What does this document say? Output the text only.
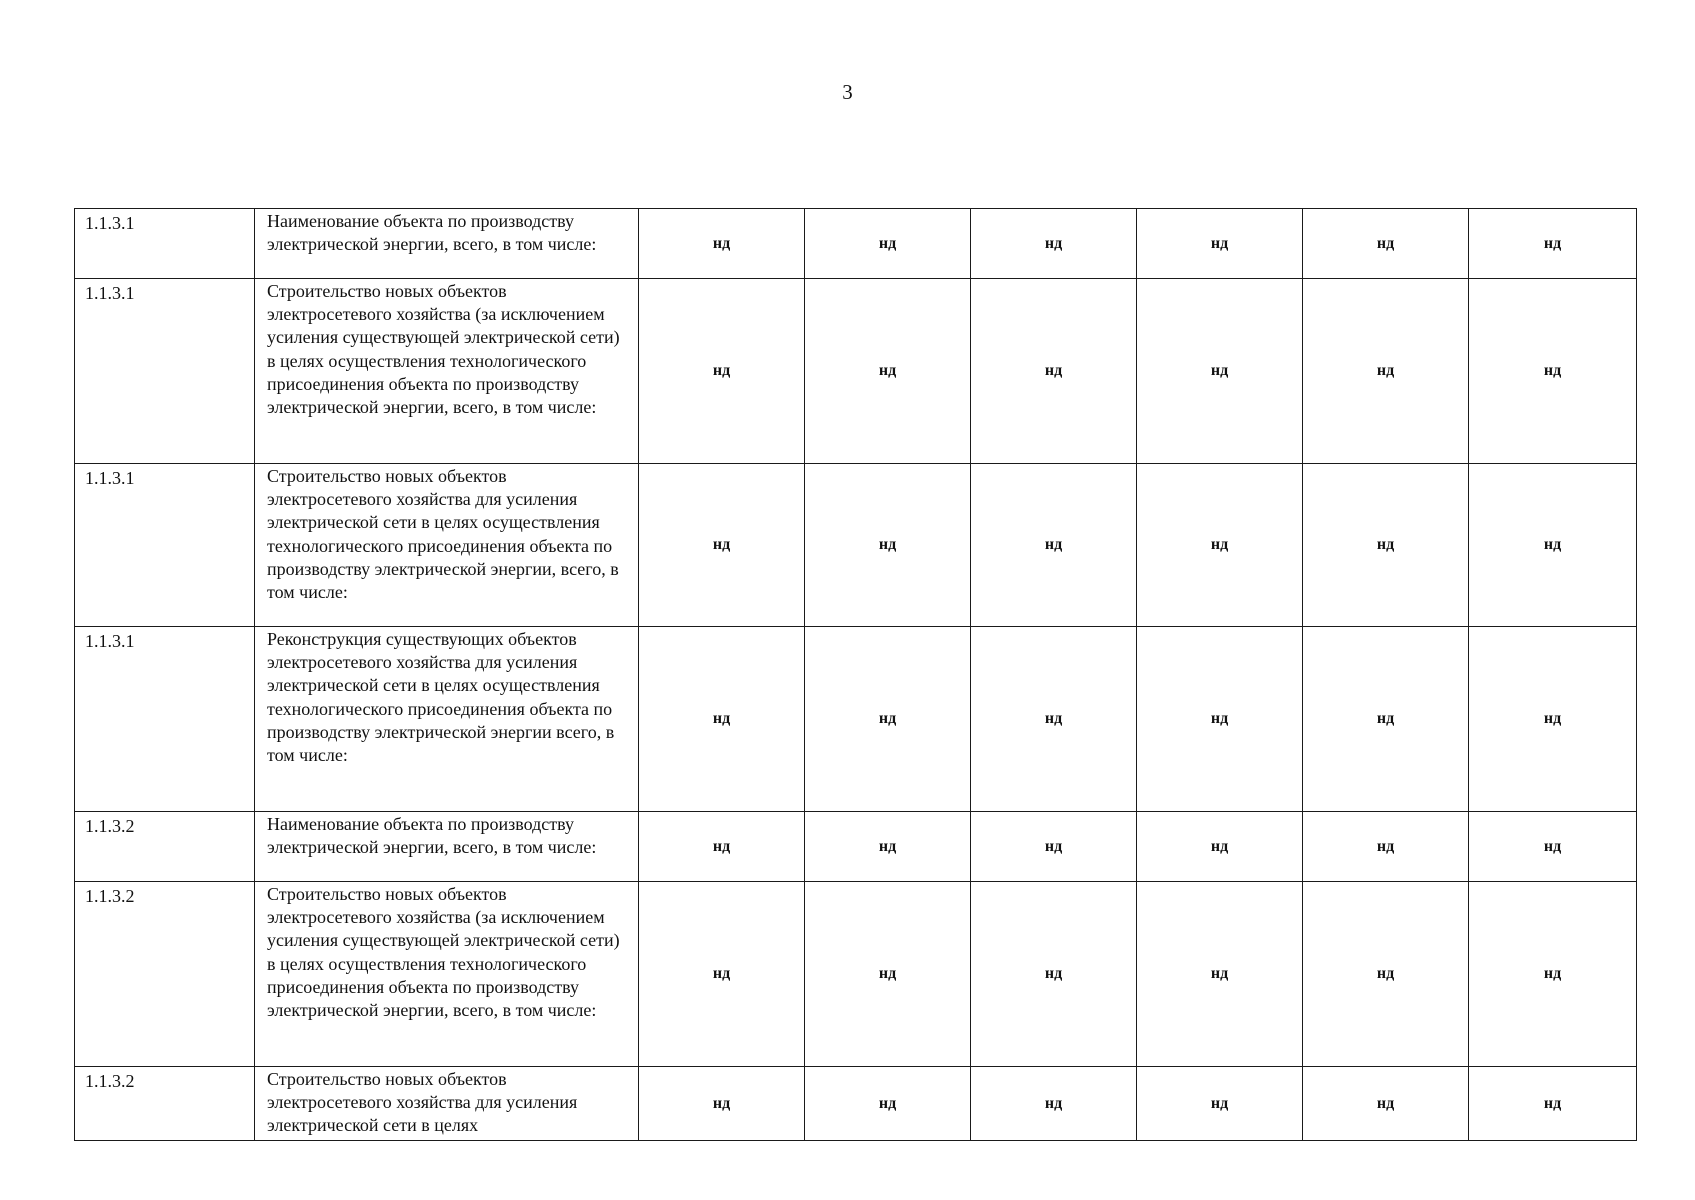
3
1.1.3.1	Наименование объекта по производству электрической энергии, всего, в том числе:	нд	нд	нд	нд	нд	нд
1.1.3.1	Строительство новых объектов электросетевого хозяйства (за исключением усиления существующей электрической сети) в целях осуществления технологического присоединения объекта по производству электрической энергии, всего, в том числе:	нд	нд	нд	нд	нд	нд
1.1.3.1	Строительство новых объектов электросетевого хозяйства для усиления электрической сети в целях осуществления технологического присоединения объекта по производству электрической энергии, всего, в том числе:	нд	нд	нд	нд	нд	нд
1.1.3.1	Реконструкция существующих объектов электросетевого хозяйства для усиления электрической сети в целях осуществления технологического присоединения объекта по производству электрической энергии всего, в том числе:	нд	нд	нд	нд	нд	нд
1.1.3.2	Наименование объекта по производству электрической энергии, всего, в том числе:	нд	нд	нд	нд	нд	нд
1.1.3.2	Строительство новых объектов электросетевого хозяйства (за исключением усиления существующей электрической сети) в целях осуществления технологического присоединения объекта по производству электрической энергии, всего, в том числе:	нд	нд	нд	нд	нд	нд
1.1.3.2	Строительство новых объектов электросетевого хозяйства для усиления электрической сети в целях	нд	нд	нд	нд	нд	нд
